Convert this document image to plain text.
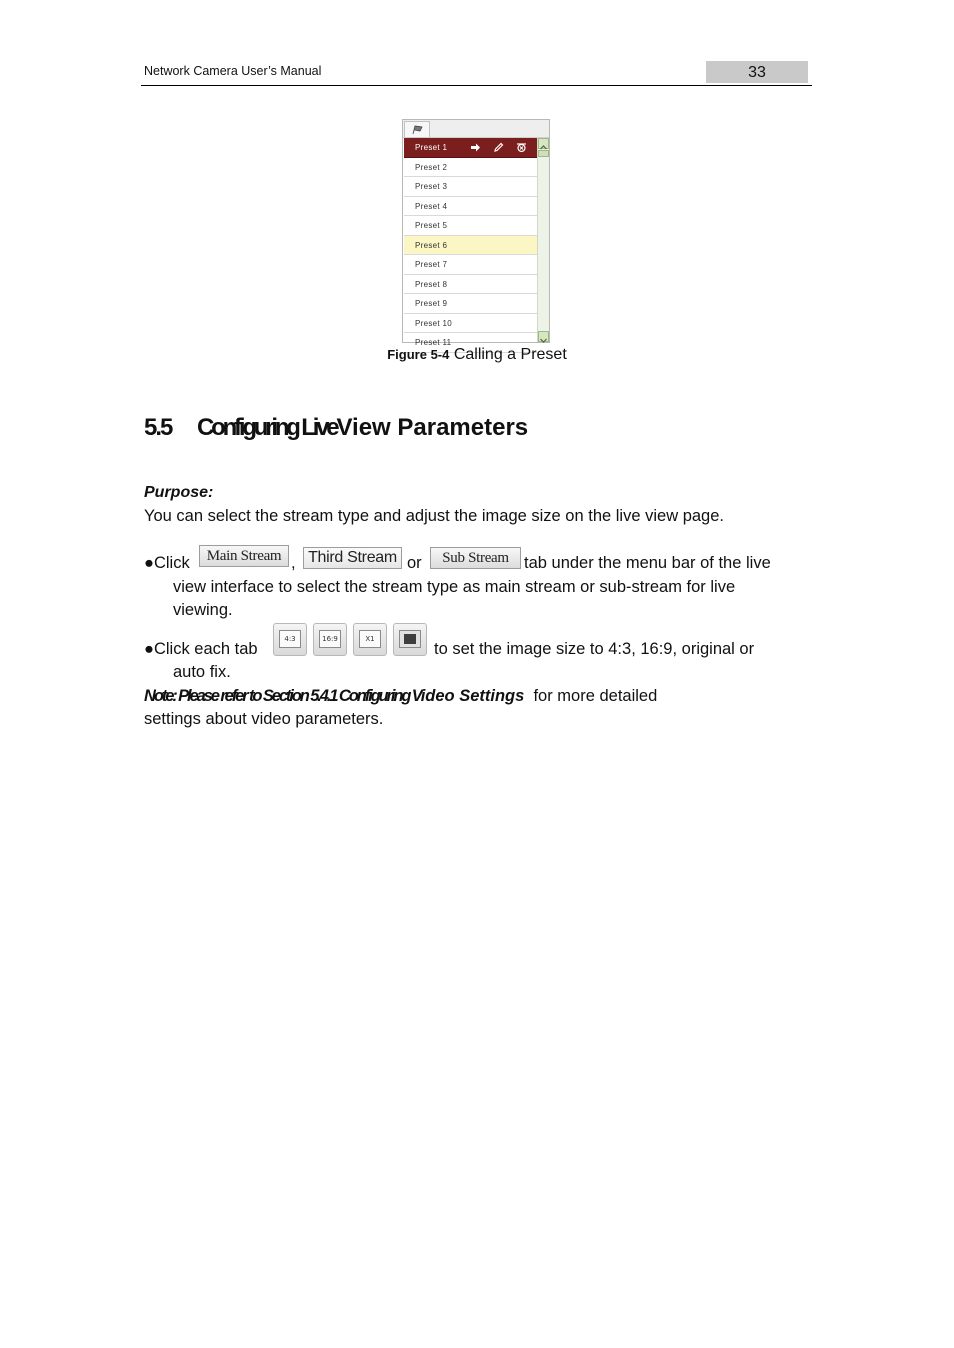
Network Camera User’s Manual	33
Preset 1
Preset 2
Preset 3
Preset 4
Preset 5
Preset 6
Preset 7
Preset 8
Preset 9
Preset 10
Preset 11
Figure 5-4 Calling a Preset
5.5 Configuring LiveView Parameters
Purpose:
You can select the stream type and adjust the image size on the live view page.
●Click	Main Stream , Third Stream or	Sub Stream tab under the menu bar of the live
view interface to select the stream type as main stream or sub-stream for live
viewing.
●Click each tab
4:3	16:9	X1
to set the image size to 4:3, 16:9, original or
auto fix.
Note: Please refer to Section 5.4.1 Configuring Video Settings for more detailed
settings about video parameters.
